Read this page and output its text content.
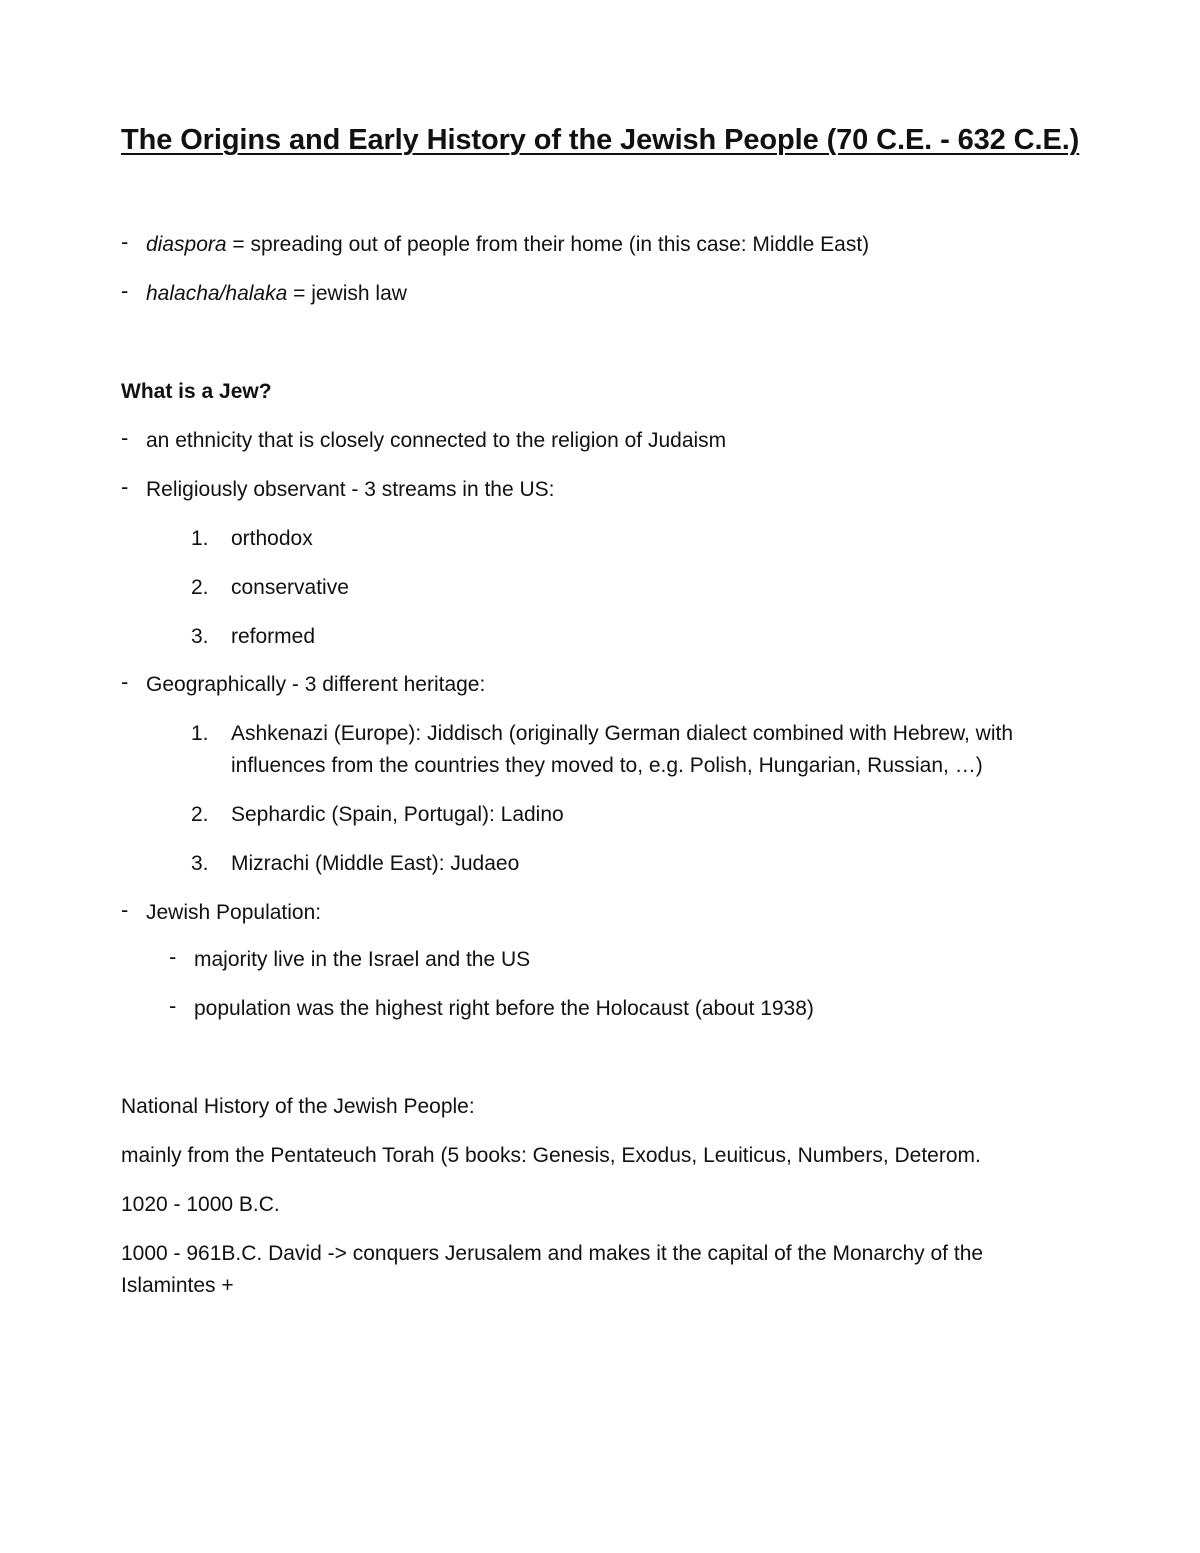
The Origins and Early History of the Jewish People (70 C.E. - 632 C.E.)
- diaspora = spreading out of people from their home (in this case: Middle East)
- halacha/halaka = jewish law
What is a Jew?
- an ethnicity that is closely connected to the religion of Judaism
- Religiously observant - 3 streams in the US:
1.	orthodox
2.	conservative
3.	reformed
- Geographically - 3 different heritage:
1.	Ashkenazi (Europe): Jiddisch (originally German dialect combined with Hebrew, with influences from the countries they moved to, e.g. Polish, Hungarian, Russian, …)
2.	Sephardic (Spain, Portugal): Ladino
3.	Mizrachi (Middle East): Judaeo
- Jewish Population:
- majority live in the Israel and the US
- population was the highest right before the Holocaust (about 1938)
National History of the Jewish People:
mainly from the Pentateuch Torah (5 books: Genesis, Exodus, Leuiticus, Numbers, Deterom.
1020 - 1000 B.C.
1000 - 961B.C. David -> conquers Jerusalem and makes it the capital of the Monarchy of the Islamintes +
